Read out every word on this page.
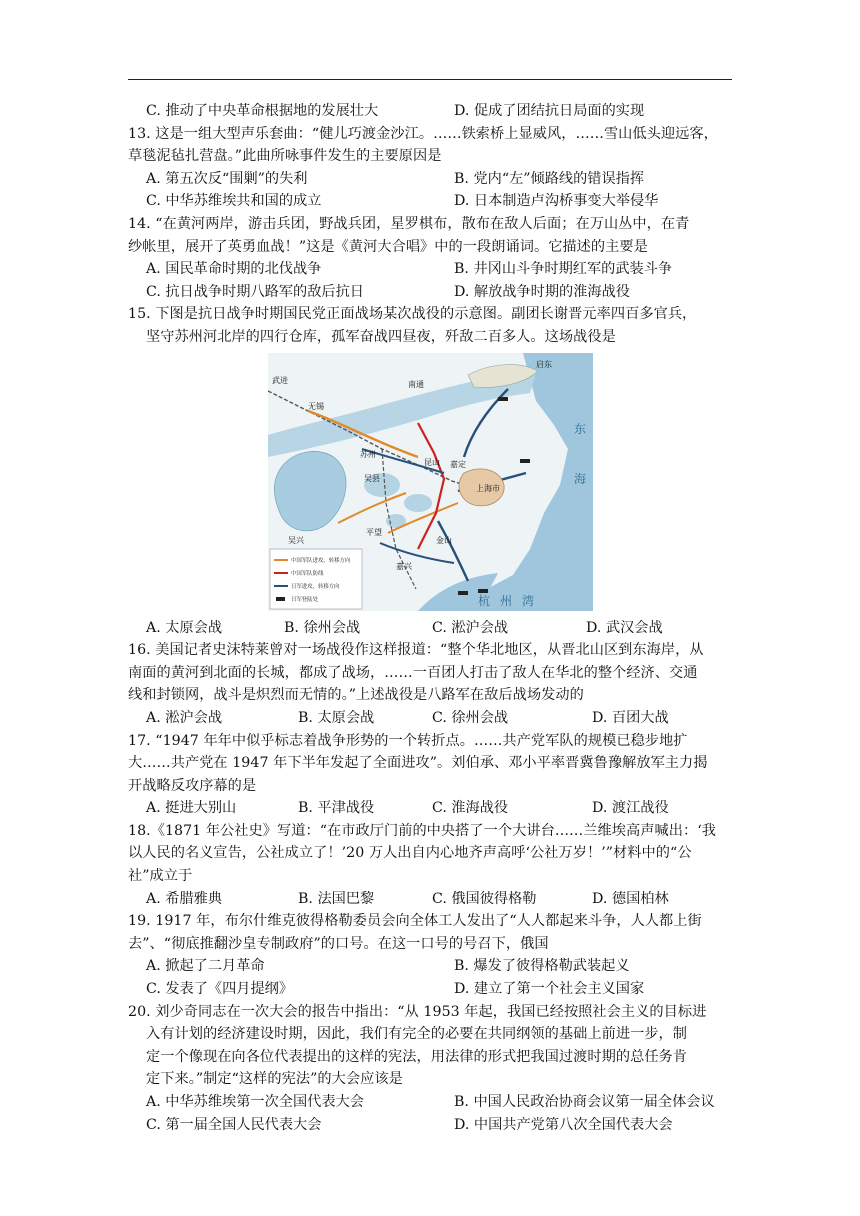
C. 推动了中央革命根据地的发展壮大	D. 促成了团结抗日局面的实现
13. 这是一组大型声乐套曲：“健儿巧渡金沙江。……铁索桥上显威风，……雪山低头迎远客，
草毯泥毡扎营盘。”此曲所咏事件发生的主要原因是
A. 第五次反“围剿”的失利	B. 党内“左”倾路线的错误指挥
C. 中华苏维埃共和国的成立	D. 日本制造卢沟桥事变大举侵华
14. “在黄河两岸，游击兵团，野战兵团，星罗棋布，散布在敌人后面；在万山丛中，在青
纱帐里，展开了英勇血战！”这是《黄河大合唱》中的一段朗诵词。它描述的主要是
A. 国民革命时期的北伐战争	B. 井冈山斗争时期红军的武装斗争
C. 抗日战争时期八路军的敌后抗日	D. 解放战争时期的淮海战役
15. 下图是抗日战争时期国民党正面战场某次战役的示意图。副团长谢晋元率四百多官兵，
坚守苏州河北岸的四行仓库，孤军奋战四昼夜，歼敌二百多人。这场战役是
中国军队进攻、转移方向
中国军队防线
日军进攻、转移方向
日军登陆处
武进
无锡
苏州
昆山 嘉定
上海市
吴县
平望
嘉兴
金山
吴兴
启东
南通
东
海
杭 州 湾
A. 太原会战	B. 徐州会战	C. 淞沪会战	D. 武汉会战
16. 美国记者史沫特莱曾对一场战役作这样报道：“整个华北地区，从晋北山区到东海岸，从
南面的黄河到北面的长城，都成了战场，……一百团人打击了敌人在华北的整个经济、交通
线和封锁网，战斗是炽烈而无情的。”上述战役是八路军在敌后战场发动的
A. 淞沪会战	B. 太原会战	C. 徐州会战	D. 百团大战
17. “1947 年年中似乎标志着战争形势的一个转折点。……共产党军队的规模已稳步地扩
大……共产党在 1947 年下半年发起了全面进攻”。刘伯承、邓小平率晋冀鲁豫解放军主力揭
开战略反攻序幕的是
A. 挺进大别山	B. 平津战役	C. 淮海战役	D. 渡江战役
18.《1871 年公社史》写道：“在市政厅门前的中央搭了一个大讲台……兰维埃高声喊出：‘我
以人民的名义宣告，公社成立了！’20 万人出自内心地齐声高呼‘公社万岁！’”材料中的“公
社”成立于
A. 希腊雅典	B. 法国巴黎	C. 俄国彼得格勒	D. 德国柏林
19. 1917 年，布尔什维克彼得格勒委员会向全体工人发出了“人人都起来斗争，人人都上街
去”、“彻底推翻沙皇专制政府”的口号。在这一口号的号召下，俄国
A. 掀起了二月革命	B. 爆发了彼得格勒武装起义
C. 发表了《四月提纲》	D. 建立了第一个社会主义国家
20. 刘少奇同志在一次大会的报告中指出：“从 1953 年起，我国已经按照社会主义的目标进
入有计划的经济建设时期，因此，我们有完全的必要在共同纲领的基础上前进一步，制
定一个像现在向各位代表提出的这样的宪法，用法律的形式把我国过渡时期的总任务肯
定下来。”制定“这样的宪法”的大会应该是
A. 中华苏维埃第一次全国代表大会	B. 中国人民政治协商会议第一届全体会议
C. 第一届全国人民代表大会	D. 中国共产党第八次全国代表大会
